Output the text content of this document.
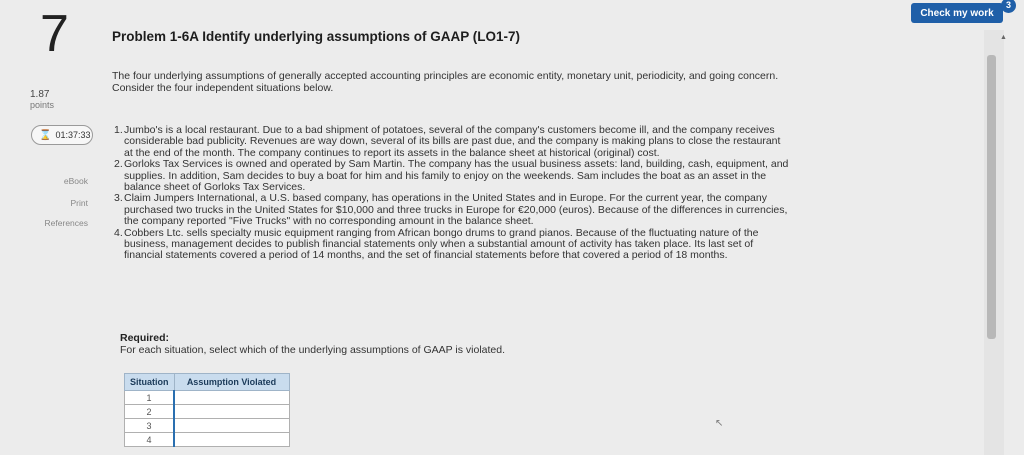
7
1.87
points
⌛ 01:37:33
eBook
Print
References
Problem 1-6A Identify underlying assumptions of GAAP (LO1-7)
The four underlying assumptions of generally accepted accounting principles are economic entity, monetary unit, periodicity, and going concern. Consider the four independent situations below.
1. Jumbo's is a local restaurant. Due to a bad shipment of potatoes, several of the company's customers become ill, and the company receives considerable bad publicity. Revenues are way down, several of its bills are past due, and the company is making plans to close the restaurant at the end of the month. The company continues to report its assets in the balance sheet at historical (original) cost.
2. Gorloks Tax Services is owned and operated by Sam Martin. The company has the usual business assets: land, building, cash, equipment, and supplies. In addition, Sam decides to buy a boat for him and his family to enjoy on the weekends. Sam includes the boat as an asset in the balance sheet of Gorloks Tax Services.
3. Claim Jumpers International, a U.S. based company, has operations in the United States and in Europe. For the current year, the company purchased two trucks in the United States for $10,000 and three trucks in Europe for €20,000 (euros). Because of the differences in currencies, the company reported "Five Trucks" with no corresponding amount in the balance sheet.
4. Cobbers Ltc. sells specialty music equipment ranging from African bongo drums to grand pianos. Because of the fluctuating nature of the business, management decides to publish financial statements only when a substantial amount of activity has taken place. Its last set of financial statements covered a period of 14 months, and the set of financial statements before that covered a period of 18 months.
Required:
For each situation, select which of the underlying assumptions of GAAP is violated.
Situation	Assumption Violated
1	
2	
3	
4	
Check my work
3
▲
↖
